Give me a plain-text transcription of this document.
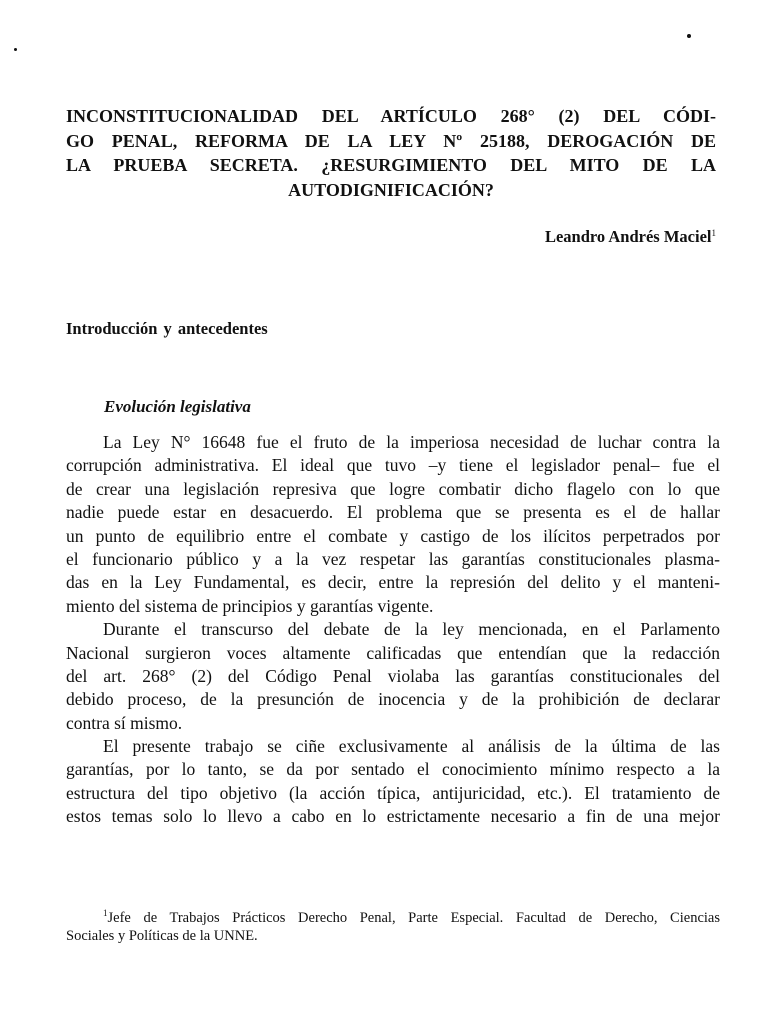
INCONSTITUCIONALIDAD DEL ARTÍCULO 268° (2) DEL CÓDI-
GO PENAL, REFORMA DE LA LEY Nº 25188, DEROGACIÓN DE
LA PRUEBA SECRETA. ¿RESURGIMIENTO DEL MITO DE LA
AUTODIGNIFICACIÓN?

Leandro Andrés Maciel$^1$

Introducción y antecedentes
Evolución legislativa
La Ley N° 16648 fue el fruto de la imperiosa necesidad de luchar contra la
corrupción administrativa. El ideal que tuvo –y tiene el legislador penal– fue el
de crear una legislación represiva que logre combatir dicho flagelo con lo que
nadie puede estar en desacuerdo. El problema que se presenta es el de hallar
un punto de equilibrio entre el combate y castigo de los ilícitos perpetrados por
el funcionario público y a la vez respetar las garantías constitucionales plasma-
das en la Ley Fundamental, es decir, entre la represión del delito y el manteni-
miento del sistema de principios y garantías vigente.
Durante el transcurso del debate de la ley mencionada, en el Parlamento
Nacional surgieron voces altamente calificadas que entendían que la redacción
del art. 268° (2) del Código Penal violaba las garantías constitucionales del
debido proceso, de la presunción de inocencia y de la prohibición de declarar
contra sí mismo.
El presente trabajo se ciñe exclusivamente al análisis de la última de las
garantías, por lo tanto, se da por sentado el conocimiento mínimo respecto a la
estructura del tipo objetivo (la acción típica, antijuricidad, etc.). El tratamiento de
estos temas solo lo llevo a cabo en lo estrictamente necesario a fin de una mejor
$^1$Jefe de Trabajos Prácticos Derecho Penal, Parte Especial. Facultad de Derecho, Ciencias
Sociales y Políticas de la UNNE.
